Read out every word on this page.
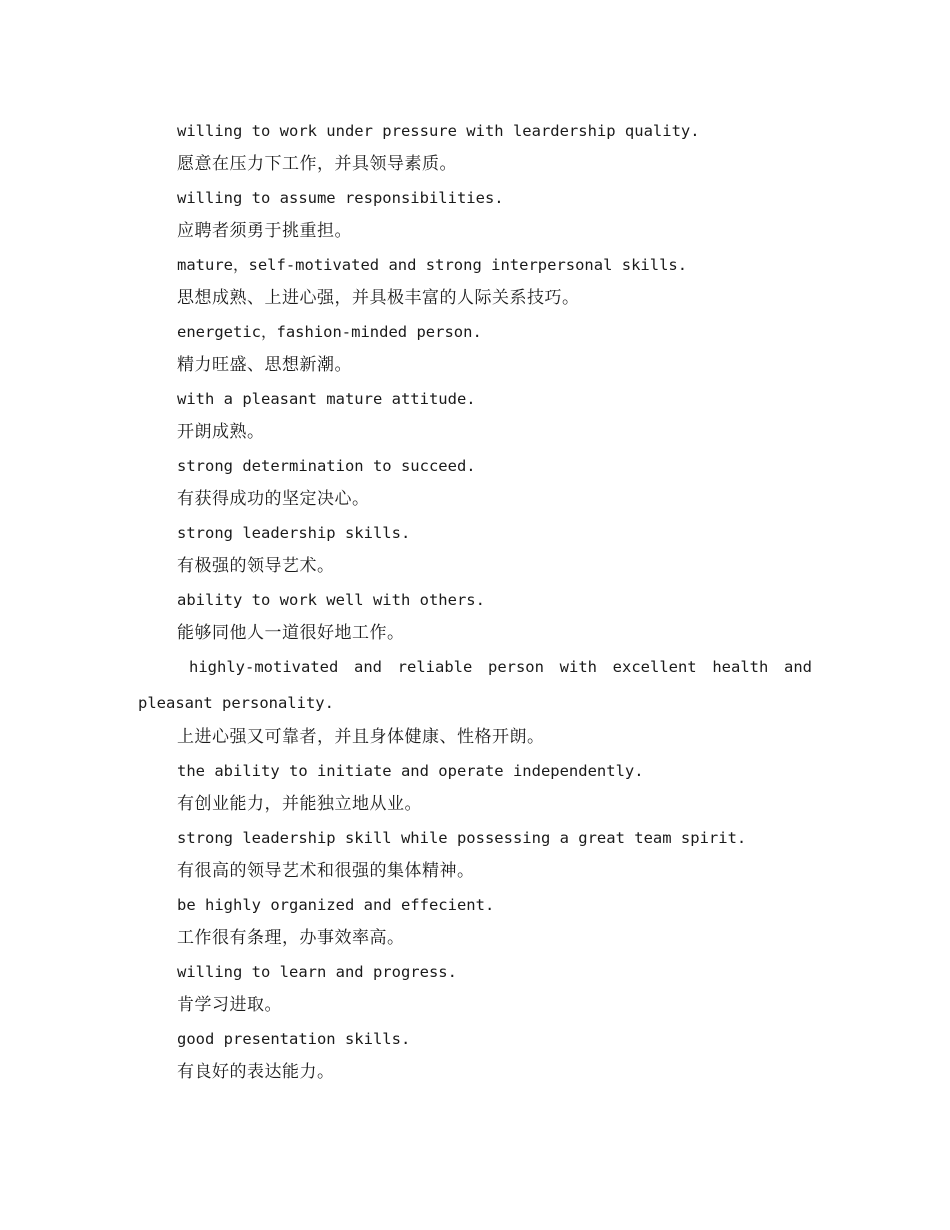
willing to work under pressure with leardership quality.
愿意在压力下工作，并具领导素质。
willing to assume responsibilities.
应聘者须勇于挑重担。
mature，self-motivated and strong interpersonal skills.
思想成熟、上进心强，并具极丰富的人际关系技巧。
energetic，fashion-minded person.
精力旺盛、思想新潮。
with a pleasant mature attitude.
开朗成熟。
strong determination to succeed.
有获得成功的坚定决心。
strong leadership skills.
有极强的领导艺术。
ability to work well with others.
能够同他人一道很好地工作。
highly-motivated and reliable person with excellent health and
pleasant personality.
上进心强又可靠者，并且身体健康、性格开朗。
the ability to initiate and operate independently.
有创业能力，并能独立地从业。
strong leadership skill while possessing a great team spirit.
有很高的领导艺术和很强的集体精神。
be highly organized and effecient.
工作很有条理，办事效率高。
willing to learn and progress.
肯学习进取。
good presentation skills.
有良好的表达能力。
